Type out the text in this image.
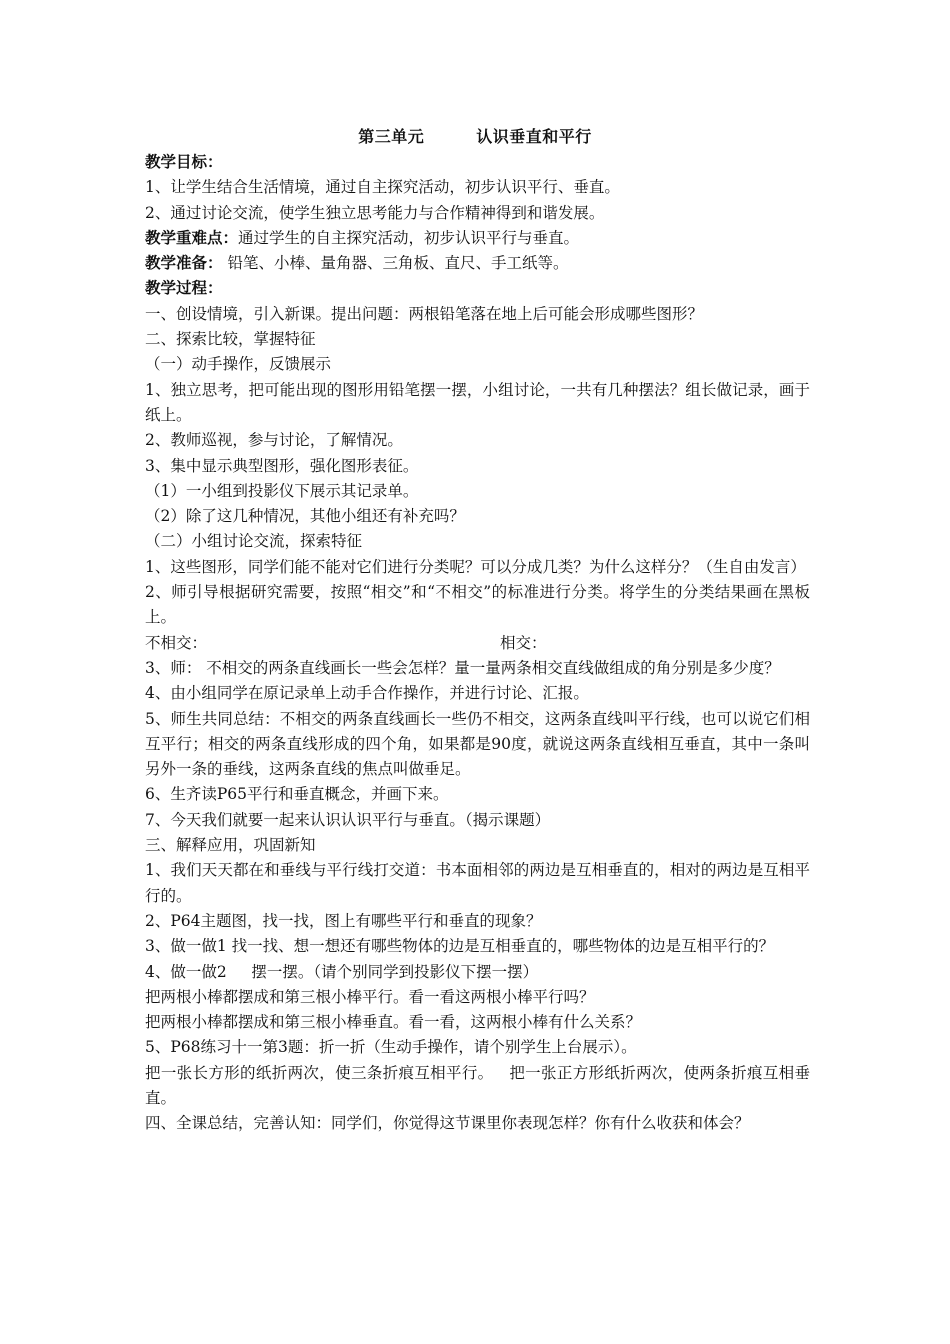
第三单元	认识垂直和平行
教学目标：
1、让学生结合生活情境，通过自主探究活动，初步认识平行、垂直。
2、通过讨论交流，使学生独立思考能力与合作精神得到和谐发展。
教学重难点：通过学生的自主探究活动，初步认识平行与垂直。
教学准备： 铅笔、小棒、量角器、三角板、直尺、手工纸等。
教学过程：
一、创设情境，引入新课。提出问题：两根铅笔落在地上后可能会形成哪些图形？
二、探索比较，掌握特征
（一）动手操作，反馈展示
1、独立思考，把可能出现的图形用铅笔摆一摆，小组讨论，一共有几种摆法？组长做记录，画于纸上。
2、教师巡视，参与讨论，了解情况。
3、集中显示典型图形，强化图形表征。
（1）一小组到投影仪下展示其记录单。
（2）除了这几种情况，其他小组还有补充吗？
（二）小组讨论交流，探索特征
1、这些图形，同学们能不能对它们进行分类呢？可以分成几类？为什么这样分？（生自由发言）
2、师引导根据研究需要，按照“相交”和“不相交”的标准进行分类。将学生的分类结果画在黑板上。
不相交：	相交：
3、师： 不相交的两条直线画长一些会怎样？量一量两条相交直线做组成的角分别是多少度？
4、由小组同学在原记录单上动手合作操作，并进行讨论、汇报。
5、师生共同总结：不相交的两条直线画长一些仍不相交，这两条直线叫平行线，也可以说它们相互平行；相交的两条直线形成的四个角，如果都是90度，就说这两条直线相互垂直，其中一条叫另外一条的垂线，这两条直线的焦点叫做垂足。
6、生齐读P65平行和垂直概念，并画下来。
7、今天我们就要一起来认识认识平行与垂直。（揭示课题）
三、解释应用，巩固新知
1、我们天天都在和垂线与平行线打交道：书本面相邻的两边是互相垂直的，相对的两边是互相平行的。
2、P64主题图，找一找，图上有哪些平行和垂直的现象？
3、做一做1 找一找、想一想还有哪些物体的边是互相垂直的，哪些物体的边是互相平行的？
4、做一做2     摆一摆。（请个别同学到投影仪下摆一摆）
把两根小棒都摆成和第三根小棒平行。看一看这两根小棒平行吗？
把两根小棒都摆成和第三根小棒垂直。看一看，这两根小棒有什么关系？
5、P68练习十一第3题：折一折（生动手操作，请个别学生上台展示）。
把一张长方形的纸折两次，使三条折痕互相平行。   把一张正方形纸折两次，使两条折痕互相垂直。
四、全课总结，完善认知：同学们，你觉得这节课里你表现怎样？你有什么收获和体会？
